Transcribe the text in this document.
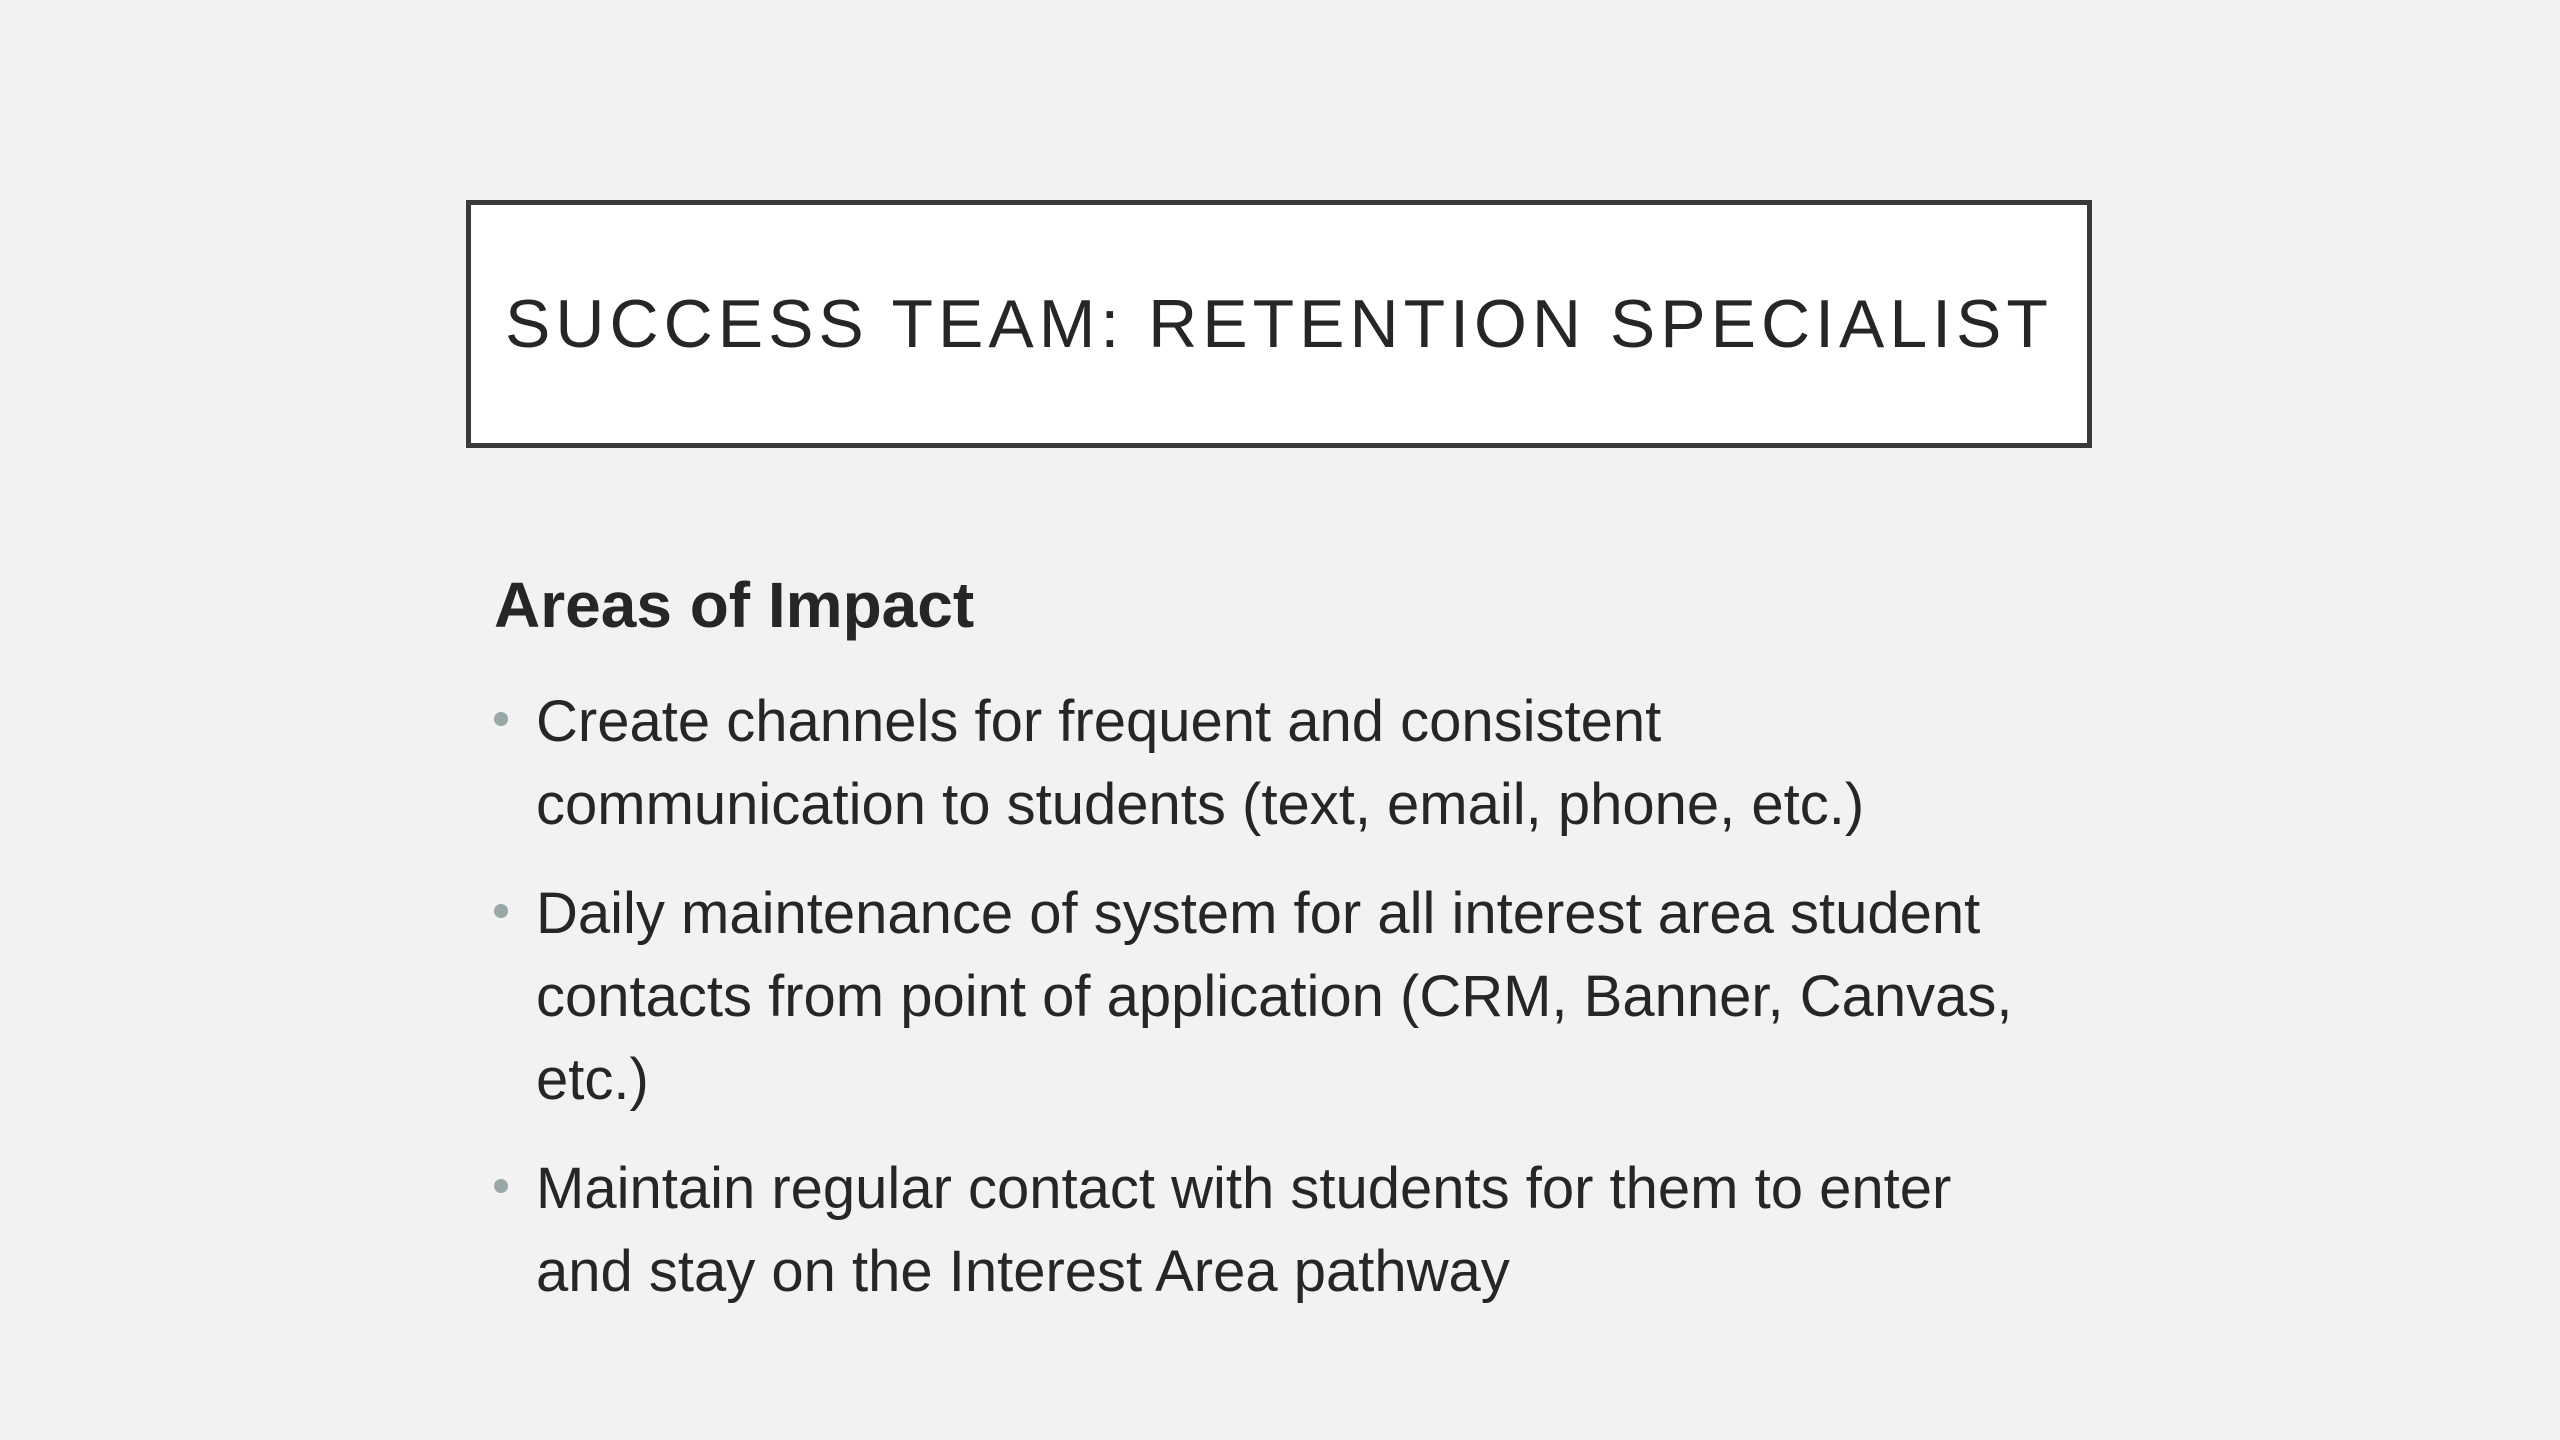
SUCCESS TEAM: RETENTION SPECIALIST
Areas of Impact
Create channels for frequent and consistent communication to students (text, email, phone, etc.)
Daily maintenance of system for all interest area student contacts from point of application (CRM, Banner, Canvas, etc.)
Maintain regular contact with students for them to enter and stay on the Interest Area pathway
